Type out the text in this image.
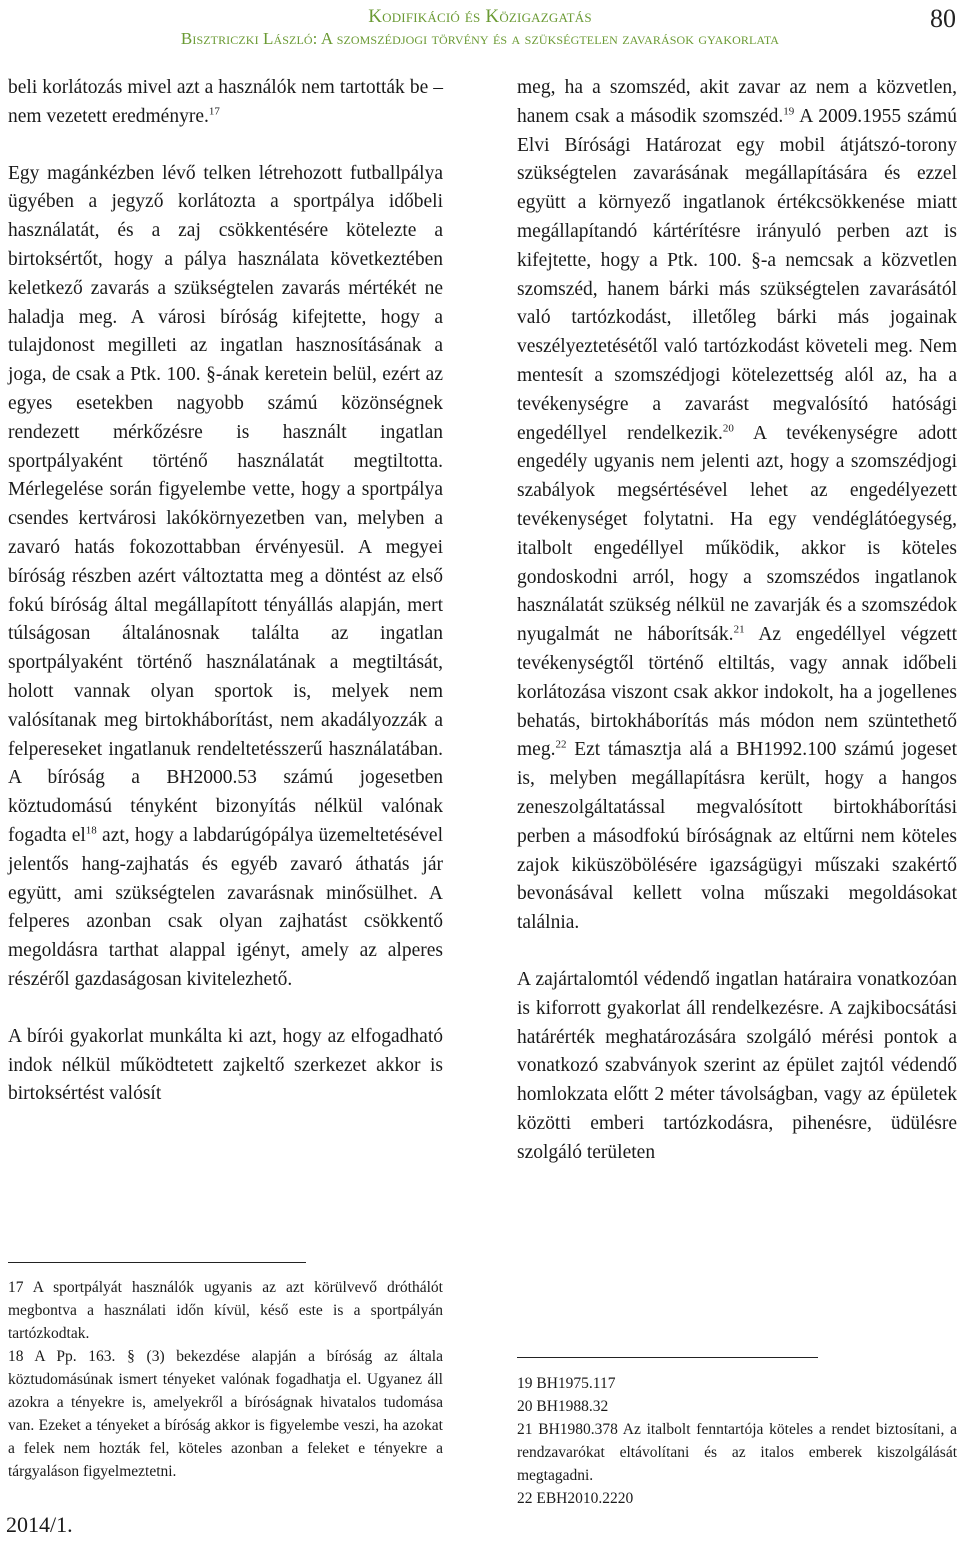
Kodifikáció és Közigazgatás
Bisztriczki László: A szomszédjogi törvény és a szükségtelen zavarások gyakorlata
80

beli korlátozás mivel azt a használók nem tartották be – nem vezetett eredményre.$^{17}$

Egy magánkézben lévő telken létrehozott futballpálya ügyében a jegyző korlátozta a sportpálya időbeli használatát, és a zaj csökkentésére kötelezte a birtoksértőt, hogy a pálya használata következtében keletkező zavarás a szükségtelen zavarás mértékét ne haladja meg. A városi bíróság kifejtette, hogy a tulajdonost megilleti az ingatlan hasznosításának a joga, de csak a Ptk. 100. §-ának keretein belül, ezért az egyes esetekben nagyobb számú közönségnek rendezett mérkőzésre is használt ingatlan sportpályaként történő használatát megtiltotta. Mérlegelése során figyelembe vette, hogy a sportpálya csendes kertvárosi lakókörnyezetben van, melyben a zavaró hatás fokozottabban érvényesül. A megyei bíróság részben azért változtatta meg a döntést az első fokú bíróság által megállapított tényállás alapján, mert túlságosan általánosnak találta az ingatlan sportpályaként történő használatának a megtiltását, holott vannak olyan sportok is, melyek nem valósítanak meg birtokháborítást, nem akadályozzák a felpereseket ingatlanuk rendeltetésszerű használatában. A bíróság a BH2000.53 számú jogesetben köztudomású tényként bizonyítás nélkül valónak fogadta $el^{18}$ azt, hogy a labdarúgópálya üzemeltetésével jelentős hang-zajhatás és egyéb zavaró áthatás jár együtt, ami szükségtelen zavarásnak minősülhet. A felperes azonban csak olyan zajhatást csökkentő megoldásra tarthat alappal igényt, amely az alperes részéről gazdaságosan kivitelezhető.

A bírói gyakorlat munkálta ki azt, hogy az elfogadható indok nélkül működtetett zajkeltő szerkezet akkor is birtoksértést valósít

17 A sportpályát használók ugyanis az azt körülvevő dróthálót megbontva a használati időn kívül, késő este is a sportpályán tartózkodtak.

18 A Pp. 163. § (3) bekezdése alapján a bíróság az általa köztudomásúnak ismert tényeket valónak fogadhatja el. Ugyanez áll azokra a tényekre is, amelyekről a bíróságnak hivatalos tudomása van. Ezeket a tényeket a bíróság akkor is figyelembe veszi, ha azokat a felek nem hozták fel, köteles azonban a feleket e tényekre a tárgyaláson figyelmeztetni.

meg, ha a szomszéd, akit zavar az nem a közvetlen, hanem csak a második szomszéd.$^{19}$ A 2009.1955 számú Elvi Bírósági Határozat egy mobil átjátszó-torony szükségtelen zavarásának megállapítására és ezzel együtt a környező ingatlanok értékcsökkenése miatt megállapítandó kártérítésre irányuló perben azt is kifejtette, hogy a Ptk. 100. §-a nemcsak a közvetlen szomszéd, hanem bárki más szükségtelen zavarásától való tartózkodást, illetőleg bárki más jogainak veszélyeztetésétől való tartózkodást követeli meg. Nem mentesít a szomszédjogi kötelezettség alól az, ha a tevékenységre a zavarást megvalósító hatósági engedéllyel rendelkezik.$^{20}$ A tevékenységre adott engedély ugyanis nem jelenti azt, hogy a szomszédjogi szabályok megsértésével lehet az engedélyezett tevékenységet folytatni. Ha egy vendéglátóegység, italbolt engedéllyel működik, akkor is köteles gondoskodni arról, hogy a szomszédos ingatlanok használatát szükség nélkül ne zavarják és a szomszédok nyugalmát ne háborítsák.$^{21}$ Az engedéllyel végzett tevékenységtől történő eltiltás, vagy annak időbeli korlátozása viszont csak akkor indokolt, ha a jogellenes behatás, birtokháborítás más módon nem szüntethető meg.$^{22}$ Ezt támasztja alá a BH1992.100 számú jogeset is, melyben megállapításra került, hogy a hangos zeneszolgáltatással megvalósított birtokháborítási perben a másodfokú bíróságnak az eltűrni nem köteles zajok kiküszöbölésére igazságügyi műszaki szakértő bevonásával kellett volna műszaki megoldásokat találnia.

A zajártalomtól védendő ingatlan határaira vonatkozóan is kiforrott gyakorlat áll rendelkezésre. A zajkibocsátási határérték meghatározására szolgáló mérési pontok a vonatkozó szabványok szerint az épület zajtól védendő homlokzata előtt 2 méter távolságban, vagy az épületek közötti emberi tartózkodásra, pihenésre, üdülésre szolgáló területen

19 BH1975.117

20 BH1988.32

21 BH1980.378 Az italbolt fenntartója köteles a rendet biztosítani, a rendzavarókat eltávolítani és az italos emberek kiszolgálását megtagadni.

22 EBH2010.2220

2014/1.
